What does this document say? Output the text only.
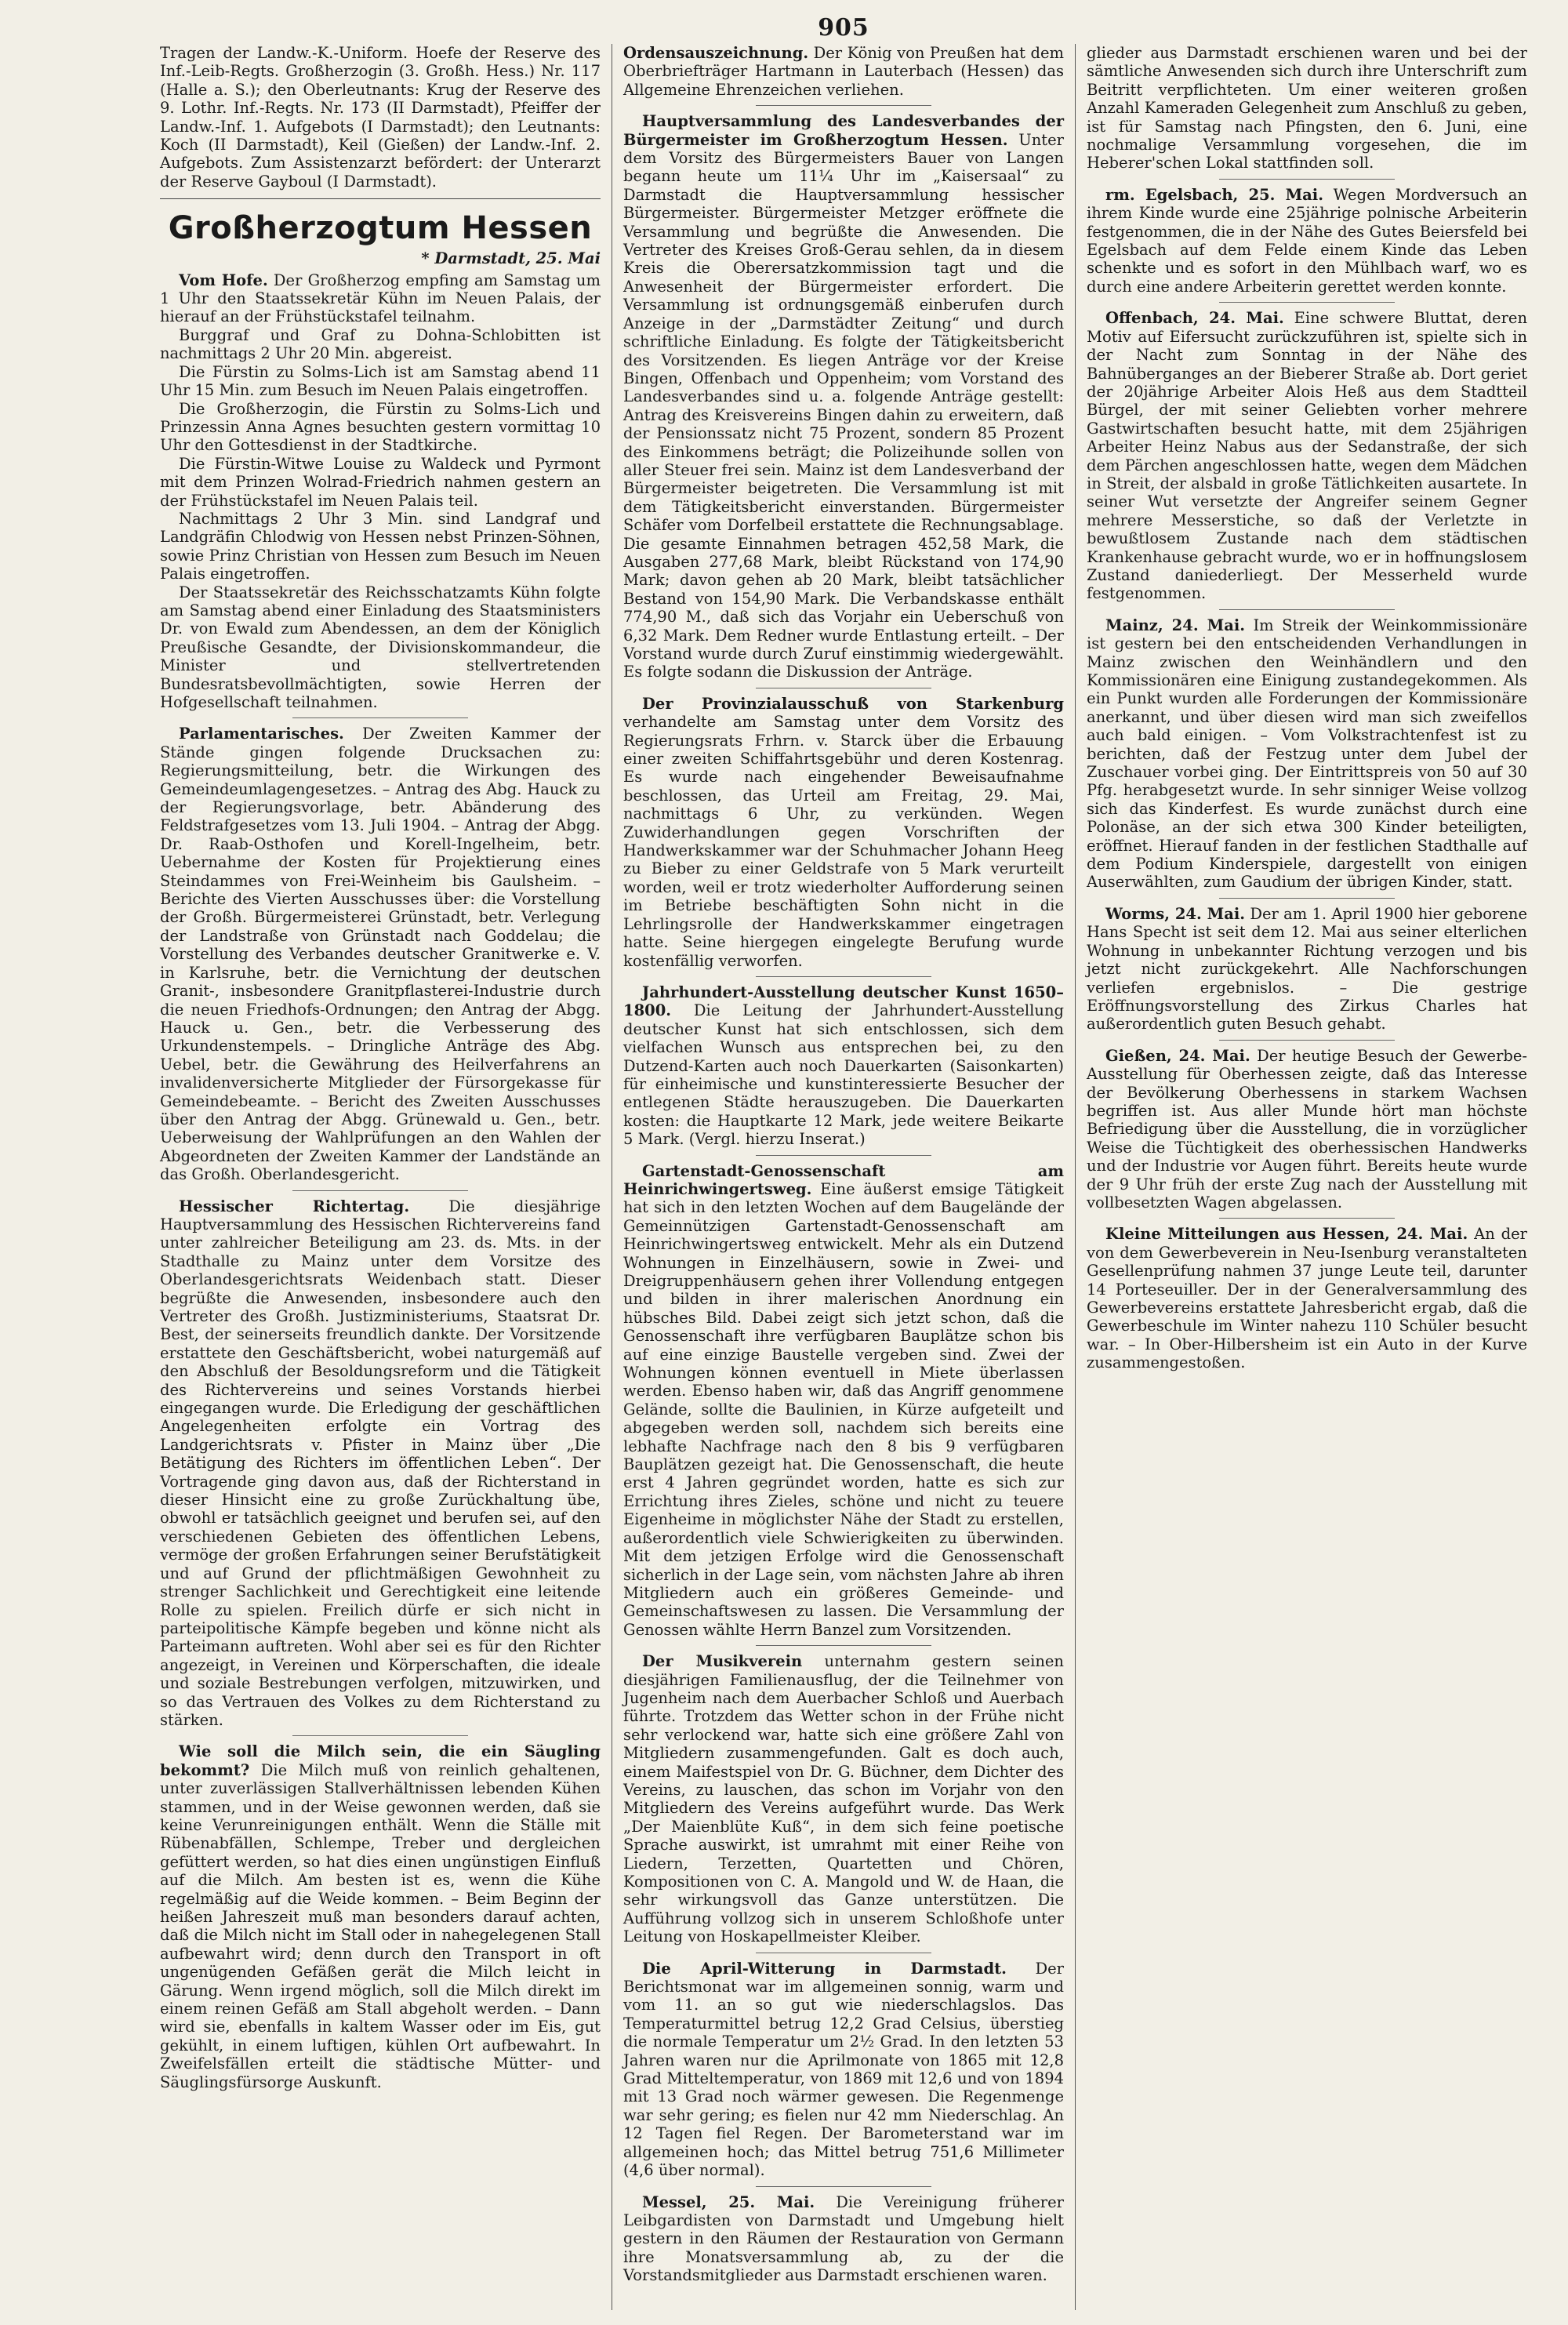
905

Tragen der Landw.-K.-Uniform. Hoefe der Reserve des Inf.-Leib-Regts. Großherzogin (3. Großh. Hess.) Nr. 117 (Halle a. S.); den Oberleutnants: Krug der Reserve des 9. Lothr. Inf.-Regts. Nr. 173 (II Darmstadt), Pfeiffer der Landw.-Inf. 1. Aufgebots (I Darmstadt); den Leutnants: Koch (II Darmstadt), Keil (Gießen) der Landw.-Inf. 2. Aufgebots. Zum Assistenzarzt befördert: der Unterarzt der Reserve Gayboul (I Darmstadt).

Großherzogtum Hessen
* Darmstadt, 25. Mai

Vom Hofe. Der Großherzog empfing am Samstag um 1 Uhr den Staatssekretär Kühn im Neuen Palais, der hierauf an der Frühstückstafel teilnahm.

Burggraf und Graf zu Dohna-Schlobitten ist nachmittags 2 Uhr 20 Min. abgereist.

Die Fürstin zu Solms-Lich ist am Samstag abend 11 Uhr 15 Min. zum Besuch im Neuen Palais eingetroffen.

Die Großherzogin, die Fürstin zu Solms-Lich und Prinzessin Anna Agnes besuchten gestern vormittag 10 Uhr den Gottesdienst in der Stadtkirche.

Die Fürstin-Witwe Louise zu Waldeck und Pyrmont mit dem Prinzen Wolrad-Friedrich nahmen gestern an der Frühstückstafel im Neuen Palais teil.

Nachmittags 2 Uhr 3 Min. sind Landgraf und Landgräfin Chlodwig von Hessen nebst Prinzen-Söhnen, sowie Prinz Christian von Hessen zum Besuch im Neuen Palais eingetroffen.

Der Staatssekretär des Reichsschatzamts Kühn folgte am Samstag abend einer Einladung des Staatsministers Dr. von Ewald zum Abendessen, an dem der Königlich Preußische Gesandte, der Divisionskommandeur, die Minister und stellvertretenden Bundesratsbevollmächtigten, sowie Herren der Hofgesellschaft teilnahmen.

Parlamentarisches. Der Zweiten Kammer der Stände gingen folgende Drucksachen zu: Regierungsmitteilung, betr. die Wirkungen des Gemeindeumlagengesetzes. – Antrag des Abg. Hauck zu der Regierungsvorlage, betr. Abänderung des Feldstrafgesetzes vom 13. Juli 1904. – Antrag der Abgg. Dr. Raab-Osthofen und Korell-Ingelheim, betr. Uebernahme der Kosten für Projektierung eines Steindammes von Frei-Weinheim bis Gaulsheim. – Berichte des Vierten Ausschusses über: die Vorstellung der Großh. Bürgermeisterei Grünstadt, betr. Verlegung der Landstraße von Grünstadt nach Goddelau; die Vorstellung des Verbandes deutscher Granitwerke e. V. in Karlsruhe, betr. die Vernichtung der deutschen Granit-, insbesondere Granitpflasterei-Industrie durch die neuen Friedhofs-Ordnungen; den Antrag der Abgg. Hauck u. Gen., betr. die Verbesserung des Urkundenstempels. – Dringliche Anträge des Abg. Uebel, betr. die Gewährung des Heilverfahrens an invalidenversicherte Mitglieder der Fürsorgekasse für Gemeindebeamte. – Bericht des Zweiten Ausschusses über den Antrag der Abgg. Grünewald u. Gen., betr. Ueberweisung der Wahlprüfungen an den Wahlen der Abgeordneten der Zweiten Kammer der Landstände an das Großh. Oberlandesgericht.

Hessischer Richtertag.	Die diesjährige Hauptversammlung des Hessischen Richtervereins fand unter zahlreicher Beteiligung am 23. ds. Mts. in der Stadthalle zu Mainz unter dem Vorsitze des Oberlandesgerichtsrats Weidenbach statt. Dieser begrüßte die Anwesenden, insbesondere auch den Vertreter des Großh. Justizministeriums, Staatsrat Dr. Best, der seinerseits freundlich dankte. Der Vorsitzende erstattete den Geschäftsbericht, wobei naturgemäß auf den Abschluß der Besoldungsreform und die Tätigkeit des Richtervereins und seines Vorstands hierbei eingegangen wurde. Die Erledigung der geschäftlichen Angelegenheiten erfolgte ein Vortrag des Landgerichtsrats v. Pfister in Mainz über „Die Betätigung des Richters im öffentlichen Leben“. Der Vortragende ging davon aus, daß der Richterstand in dieser Hinsicht eine zu große Zurückhaltung übe, obwohl er tatsächlich geeignet und berufen sei, auf den verschiedenen Gebieten des öffentlichen Lebens, vermöge der großen Erfahrungen seiner Berufstätigkeit und auf Grund der pflichtmäßigen Gewohnheit zu strenger Sachlichkeit und Gerechtigkeit eine leitende Rolle zu spielen. Freilich dürfe er sich nicht in parteipolitische Kämpfe begeben und könne nicht als Parteimann auftreten. Wohl aber sei es für den Richter angezeigt, in Vereinen und Körperschaften, die ideale und soziale Bestrebungen verfolgen, mitzuwirken, und so das Vertrauen des Volkes zu dem Richterstand zu stärken.

Wie soll die Milch sein, die ein Säugling bekommt? Die Milch muß von reinlich gehaltenen, unter zuverlässigen Stallverhältnissen lebenden Kühen stammen, und in der Weise gewonnen werden, daß sie keine Verunreinigungen enthält. Wenn die Ställe mit Rübenabfällen, Schlempe, Treber und dergleichen gefüttert werden, so hat dies einen ungünstigen Einfluß auf die Milch. Am besten ist es, wenn die Kühe regelmäßig auf die Weide kommen. – Beim Beginn der heißen Jahreszeit muß man besonders darauf achten, daß die Milch nicht im Stall oder in nahegelegenen Stall aufbewahrt wird; denn durch den Transport in oft ungenügenden Gefäßen gerät die Milch leicht in Gärung. Wenn irgend möglich, soll die Milch direkt im einem reinen Gefäß am Stall abgeholt werden. – Dann wird sie, ebenfalls in kaltem Wasser oder im Eis, gut gekühlt, in einem luftigen, kühlen Ort aufbewahrt. In Zweifelsfällen erteilt die städtische Mütter- und Säuglingsfürsorge Auskunft.

Ordensauszeichnung. Der König von Preußen hat dem Oberbriefträger Hartmann in Lauterbach (Hessen) das Allgemeine Ehrenzeichen verliehen.

Hauptversammlung des Landesverbandes der Bürgermeister im Großherzogtum Hessen. Unter dem Vorsitz des Bürgermeisters Bauer von Langen begann heute um 11¼ Uhr im „Kaisersaal“ zu Darmstadt die Hauptversammlung hessischer Bürgermeister. Bürgermeister Metzger eröffnete die Versammlung und begrüßte die Anwesenden. Die Vertreter des Kreises Groß-Gerau sehlen, da in diesem Kreis die Oberersatzkommission tagt und die Anwesenheit der Bürgermeister erfordert. Die Versammlung ist ordnungsgemäß einberufen durch Anzeige in der „Darmstädter Zeitung“ und durch schriftliche Einladung. Es folgte der Tätigkeitsbericht des Vorsitzenden. Es liegen Anträge vor der Kreise Bingen, Offenbach und Oppenheim; vom Vorstand des Landesverbandes sind u. a. folgende Anträge gestellt: Antrag des Kreisvereins Bingen dahin zu erweitern, daß der Pensionssatz nicht 75 Prozent, sondern 85 Prozent des Einkommens beträgt; die Polizeihunde sollen von aller Steuer frei sein. Mainz ist dem Landesverband der Bürgermeister beigetreten. Die Versammlung ist mit dem Tätigkeitsbericht einverstanden. Bürgermeister Schäfer vom Dorfelbeil erstattete die Rechnungsablage. Die gesamte Einnahmen betragen 452,58 Mark, die Ausgaben 277,68 Mark, bleibt Rückstand von 174,90 Mark; davon gehen ab 20 Mark, bleibt tatsächlicher Bestand von 154,90 Mark. Die Verbandskasse enthält 774,90 M., daß sich das Vorjahr ein Ueberschuß von 6,32 Mark. Dem Redner wurde Entlastung erteilt. – Der Vorstand wurde durch Zuruf einstimmig wiedergewählt. Es folgte sodann die Diskussion der Anträge.

Der Provinzialausschuß von Starkenburg verhandelte am Samstag unter dem Vorsitz des Regierungsrats Frhrn. v. Starck über die Erbauung einer zweiten Schiffahrtsgebühr und deren Kostenrag. Es wurde nach eingehender Beweisaufnahme beschlossen, das Urteil am Freitag, 29. Mai, nachmittags 6 Uhr, zu verkünden. Wegen Zuwiderhandlungen gegen Vorschriften der Handwerkskammer war der Schuhmacher Johann Heeg zu Bieber zu einer Geldstrafe von 5 Mark verurteilt worden, weil er trotz wiederholter Aufforderung seinen im Betriebe beschäftigten Sohn nicht in die Lehrlingsrolle der Handwerkskammer eingetragen hatte. Seine hiergegen eingelegte Berufung wurde kostenfällig verworfen.

Jahrhundert-Ausstellung deutscher Kunst 1650–1800. Die Leitung der Jahrhundert-Ausstellung deutscher Kunst hat sich entschlossen, sich dem vielfachen Wunsch aus entsprechen bei, zu den Dutzend-Karten auch noch Dauerkarten (Saisonkarten) für einheimische und kunstinteressierte Besucher der entlegenen Städte herauszugeben. Die Dauerkarten kosten: die Hauptkarte 12 Mark, jede weitere Beikarte 5 Mark. (Vergl. hierzu Inserat.)

Gartenstadt-Genossenschaft am Heinrichwingertsweg. Eine äußerst emsige Tätigkeit hat sich in den letzten Wochen auf dem Baugelände der Gemeinnützigen Gartenstadt-Genossenschaft am Heinrichwingertsweg entwickelt. Mehr als ein Dutzend Wohnungen in Einzelhäusern, sowie in Zwei- und Dreigruppenhäusern gehen ihrer Vollendung entgegen und bilden in ihrer malerischen Anordnung ein hübsches Bild. Dabei zeigt sich jetzt schon, daß die Genossenschaft ihre verfügbaren Bauplätze schon bis auf eine einzige Baustelle vergeben sind. Zwei der Wohnungen können eventuell in Miete überlassen werden. Ebenso haben wir, daß das Angriff genommene Gelände, sollte die Baulinien, in Kürze aufgeteilt und abgegeben werden soll, nachdem sich bereits eine lebhafte Nachfrage nach den 8 bis 9 verfügbaren Bauplätzen gezeigt hat. Die Genossenschaft, die heute erst 4 Jahren gegründet worden, hatte es sich zur Errichtung ihres Zieles, schöne und nicht zu teuere Eigenheime in möglichster Nähe der Stadt zu erstellen, außerordentlich viele Schwierigkeiten zu überwinden. Mit dem jetzigen Erfolge wird die Genossenschaft sicherlich in der Lage sein, vom nächsten Jahre ab ihren Mitgliedern auch ein größeres Gemeinde- und Gemeinschaftswesen zu lassen. Die Versammlung der Genossen wählte Herrn Banzel zum Vorsitzenden.

Der Musikverein unternahm gestern seinen diesjährigen Familienausflug, der die Teilnehmer von Jugenheim nach dem Auerbacher Schloß und Auerbach führte. Trotzdem das Wetter schon in der Frühe nicht sehr verlockend war, hatte sich eine größere Zahl von Mitgliedern zusammengefunden. Galt es doch auch, einem Maifestspiel von Dr. G. Büchner, dem Dichter des Vereins, zu lauschen, das schon im Vorjahr von den Mitgliedern des Vereins aufgeführt wurde. Das Werk „Der Maienblüte Kuß“, in dem sich feine poetische Sprache auswirkt, ist umrahmt mit einer Reihe von Liedern, Terzetten, Quartetten und Chören, Kompositionen von C. A. Mangold und W. de Haan, die sehr wirkungsvoll das Ganze unterstützen. Die Aufführung vollzog sich in unserem Schloßhofe unter Leitung von Hoskapellmeister Kleiber.

Die April-Witterung in Darmstadt. Der Berichtsmonat war im allgemeinen sonnig, warm und vom 11. an so gut wie niederschlagslos. Das Temperaturmittel betrug 12,2 Grad Celsius, überstieg die normale Temperatur um 2½ Grad. In den letzten 53 Jahren waren nur die Aprilmonate von 1865 mit 12,8 Grad Mitteltemperatur, von 1869 mit 12,6 und von 1894 mit 13 Grad noch wärmer gewesen. Die Regenmenge war sehr gering; es fielen nur 42 mm Niederschlag. An 12 Tagen fiel Regen. Der Barometerstand war im allgemeinen hoch; das Mittel betrug 751,6 Millimeter (4,6 über normal).

Messel, 25. Mai. Die Vereinigung früherer Leibgardisten von Darmstadt und Umgebung hielt gestern in den Räumen der Restauration von Germann ihre Monatsversammlung ab, zu der die Vorstandsmitglieder aus Darmstadt erschienen waren.

glieder aus Darmstadt erschienen waren und bei der sämtliche Anwesenden sich durch ihre Unterschrift zum Beitritt verpflichteten. Um einer weiteren großen Anzahl Kameraden Gelegenheit zum Anschluß zu geben, ist für Samstag nach Pfingsten, den 6. Juni, eine nochmalige Versammlung vorgesehen, die im Heberer'schen Lokal stattfinden soll.

rm. Egelsbach, 25. Mai. Wegen Mordversuch an ihrem Kinde wurde eine 25jährige polnische Arbeiterin festgenommen, die in der Nähe des Gutes Beiersfeld bei Egelsbach auf dem Felde einem Kinde das Leben schenkte und es sofort in den Mühlbach warf, wo es durch eine andere Arbeiterin gerettet werden konnte.

Offenbach, 24. Mai. Eine schwere Bluttat, deren Motiv auf Eifersucht zurückzuführen ist, spielte sich in der Nacht zum Sonntag in der Nähe des Bahnüberganges an der Bieberer Straße ab. Dort geriet der 20jährige Arbeiter Alois Heß aus dem Stadtteil Bürgel, der mit seiner Geliebten vorher mehrere Gastwirtschaften besucht hatte, mit dem 25jährigen Arbeiter Heinz Nabus aus der Sedanstraße, der sich dem Pärchen angeschlossen hatte, wegen dem Mädchen in Streit, der alsbald in große Tätlichkeiten ausartete. In seiner Wut versetzte der Angreifer seinem Gegner mehrere Messerstiche, so daß der Verletzte in bewußtlosem Zustande nach dem städtischen Krankenhause gebracht wurde, wo er in hoffnungslosem Zustand daniederliegt. Der Messerheld wurde festgenommen.

Mainz, 24. Mai. Im Streik der Weinkommissionäre ist gestern bei den entscheidenden Verhandlungen in Mainz zwischen den Weinhändlern und den Kommissionären eine Einigung zustandegekommen. Als ein Punkt wurden alle Forderungen der Kommissionäre anerkannt, und über diesen wird man sich zweifellos auch bald einigen. – Vom Volkstrachtenfest ist zu berichten, daß der Festzug unter dem Jubel der Zuschauer vorbei ging. Der Eintrittspreis von 50 auf 30 Pfg. herabgesetzt wurde. In sehr sinniger Weise vollzog sich das Kinderfest. Es wurde zunächst durch eine Polonäse, an der sich etwa 300 Kinder beteiligten, eröffnet. Hierauf fanden in der festlichen Stadthalle auf dem Podium Kinderspiele, dargestellt von einigen Auserwählten, zum Gaudium der übrigen Kinder, statt.

Worms, 24. Mai. Der am 1. April 1900 hier geborene Hans Specht ist seit dem 12. Mai aus seiner elterlichen Wohnung in unbekannter Richtung verzogen und bis jetzt nicht zurückgekehrt. Alle Nachforschungen verliefen ergebnislos. – Die gestrige Eröffnungsvorstellung des Zirkus Charles hat außerordentlich guten Besuch gehabt.

Gießen, 24. Mai. Der heutige Besuch der Gewerbe-Ausstellung für Oberhessen zeigte, daß das Interesse der Bevölkerung Oberhessens in starkem Wachsen begriffen ist. Aus aller Munde hört man höchste Befriedigung über die Ausstellung, die in vorzüglicher Weise die Tüchtigkeit des oberhessischen Handwerks und der Industrie vor Augen führt. Bereits heute wurde der 9 Uhr früh der erste Zug nach der Ausstellung mit vollbesetzten Wagen abgelassen.

Kleine Mitteilungen aus Hessen, 24. Mai. An der von dem Gewerbeverein in Neu-Isenburg veranstalteten Gesellenprüfung nahmen 37 junge Leute teil, darunter 14 Porteseuiller. Der in der Generalversammlung des Gewerbevereins erstattete Jahresbericht ergab, daß die Gewerbeschule im Winter nahezu 110 Schüler besucht war. – In Ober-Hilbersheim ist ein Auto in der Kurve zusammengestoßen.
